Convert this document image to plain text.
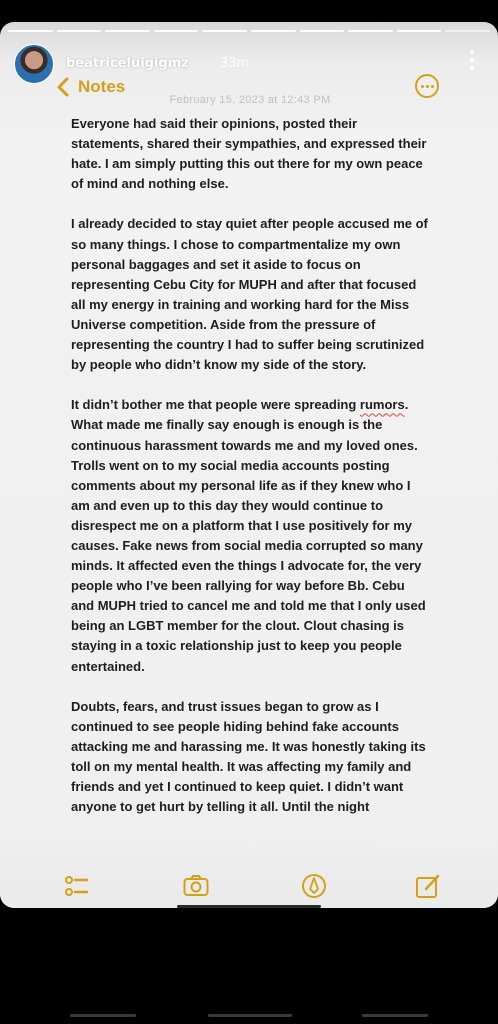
beatriceluigigmz 33m
Notes
February 15, 2023 at 12:43 PM

Everyone had said their opinions, posted their statements, shared their sympathies, and expressed their hate. I am simply putting this out there for my own peace of mind and nothing else.

I already decided to stay quiet after people accused me of so many things. I chose to compartmentalize my own personal baggages and set it aside to focus on representing Cebu City for MUPH and after that focused all my energy in training and working hard for the Miss Universe competition. Aside from the pressure of representing the country I had to suffer being scrutinized by people who didn’t know my side of the story.

It didn’t bother me that people were spreading rumors. What made me finally say enough is enough is the continuous harassment towards me and my loved ones. Trolls went on to my social media accounts posting comments about my personal life as if they knew who I am and even up to this day they would continue to disrespect me on a platform that I use positively for my causes. Fake news from social media corrupted so many minds. It affected even the things I advocate for, the very people who I’ve been rallying for way before Bb. Cebu and MUPH tried to cancel me and told me that I only used being an LGBT member for the clout. Clout chasing is staying in a toxic relationship just to keep you people entertained.

Doubts, fears, and trust issues began to grow as I continued to see people hiding behind fake accounts attacking me and harassing me. It was honestly taking its toll on my mental health. It was affecting my family and friends and yet I continued to keep quiet. I didn’t want anyone to get hurt by telling it all. Until the night
